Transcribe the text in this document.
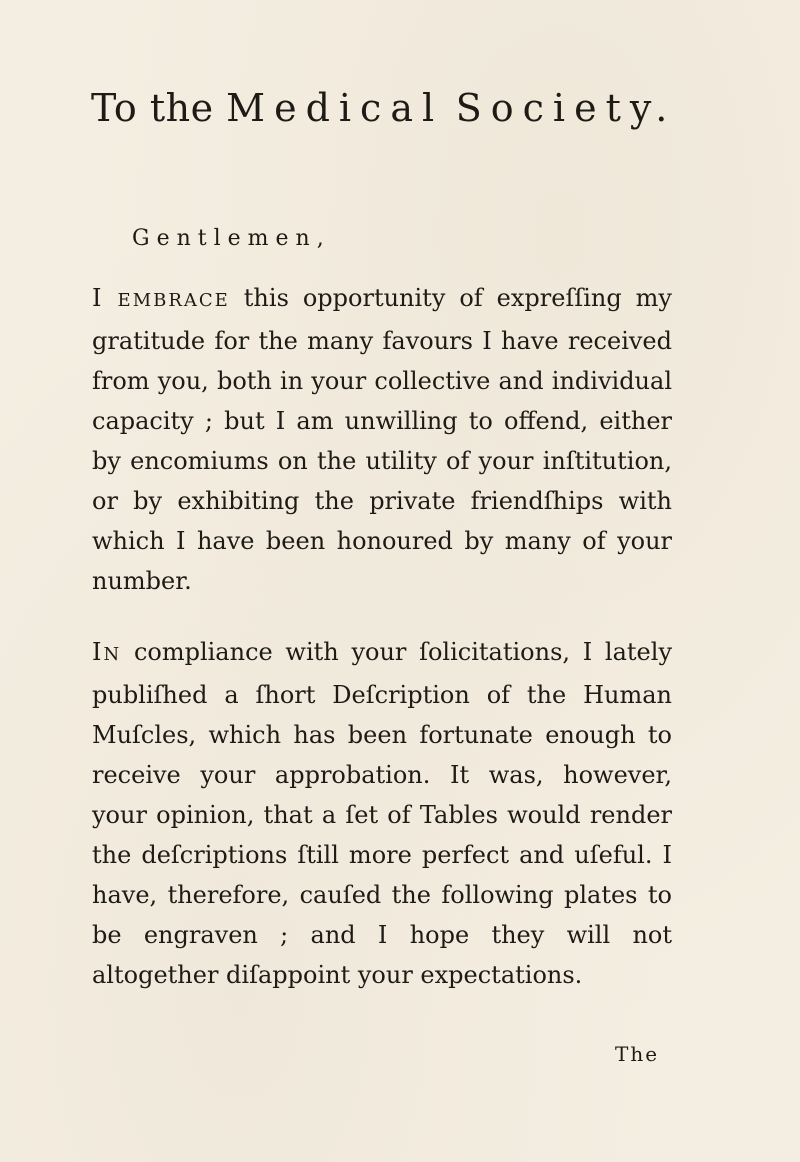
To the Medical Society.
Gentlemen,

I EMBRACE this opportunity of expreſſing my gratitude for the many favours I have received from you, both in your collective and individual capacity ; but I am unwilling to offend, either by encomiums on the utility of your inſtitution, or by exhibiting the private friendſhips with which I have been honoured by many of your number.

IN compliance with your ſolicitations, I lately publiſhed a ſhort Deſcription of the Human Muſcles, which has been fortunate enough to receive your approbation. It was, however, your opinion, that a ſet of Tables would render the deſcriptions ſtill more perfect and uſeful. I have, therefore, cauſed the following plates to be engraven ; and I hope they will not altogether diſappoint your expectations.

The
